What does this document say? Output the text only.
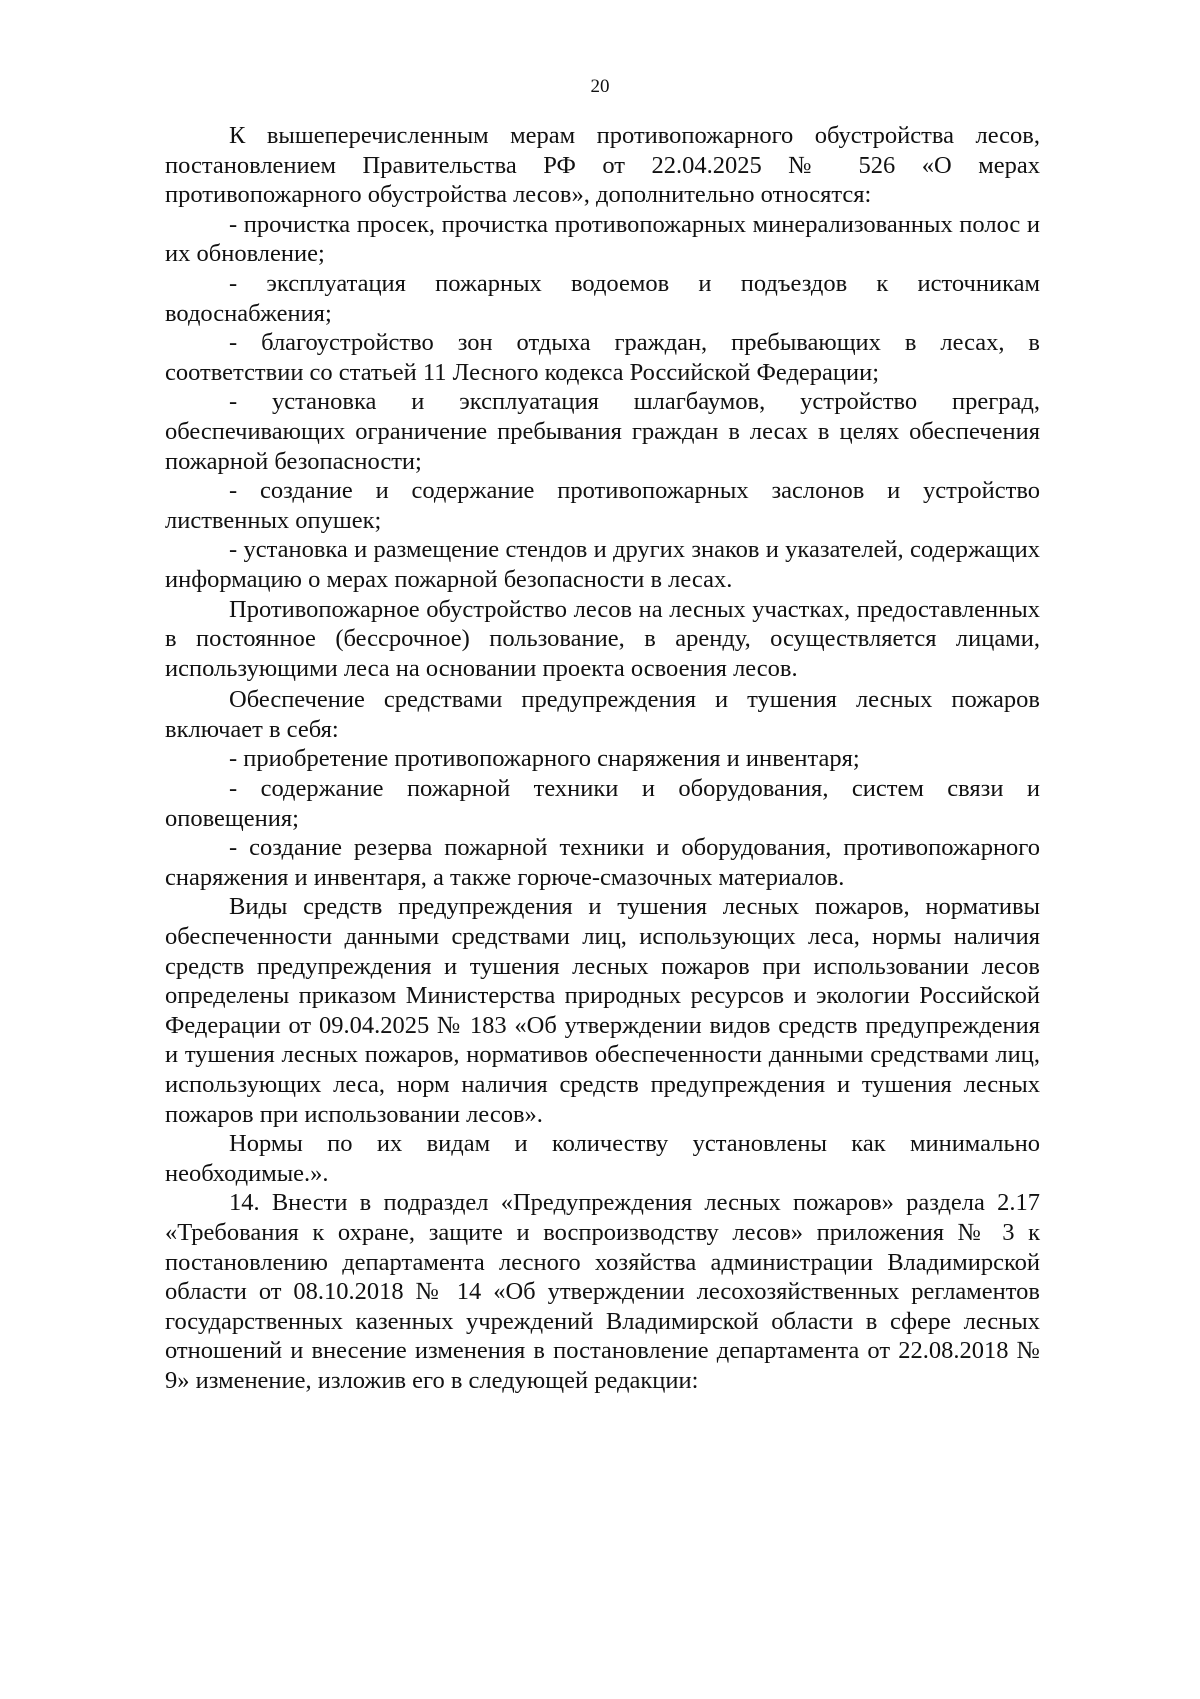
20

К вышеперечисленным мерам противопожарного обустройства лесов, постановлением Правительства РФ от 22.04.2025 № 526 «О мерах противопожарного обустройства лесов», дополнительно относятся:

- прочистка просек, прочистка противопожарных минерализованных полос и их обновление;

- эксплуатация пожарных водоемов и подъездов к источникам водоснабжения;

- благоустройство зон отдыха граждан, пребывающих в лесах, в соответствии со статьей 11 Лесного кодекса Российской Федерации;

- установка и эксплуатация шлагбаумов, устройство преград, обеспечивающих ограничение пребывания граждан в лесах в целях обеспечения пожарной безопасности;

- создание и содержание противопожарных заслонов и устройство лиственных опушек;

- установка и размещение стендов и других знаков и указателей, содержащих информацию о мерах пожарной безопасности в лесах.

Противопожарное обустройство лесов на лесных участках, предоставленных в постоянное (бессрочное) пользование, в аренду, осуществляется лицами, использующими леса на основании проекта освоения лесов.

Обеспечение средствами предупреждения и тушения лесных пожаров включает в себя:

- приобретение противопожарного снаряжения и инвентаря;

- содержание пожарной техники и оборудования, систем связи и оповещения;

- создание резерва пожарной техники и оборудования, противопожарного снаряжения и инвентаря, а также горюче-смазочных материалов.

Виды средств предупреждения и тушения лесных пожаров, нормативы обеспеченности данными средствами лиц, использующих леса, нормы наличия средств предупреждения и тушения лесных пожаров при использовании лесов определены приказом Министерства природных ресурсов и экологии Российской Федерации от 09.04.2025 № 183 «Об утверждении видов средств предупреждения и тушения лесных пожаров, нормативов обеспеченности данными средствами лиц, использующих леса, норм наличия средств предупреждения и тушения лесных пожаров при использовании лесов».

Нормы по их видам и количеству установлены как минимально необходимые.».

14. Внести в подраздел «Предупреждения лесных пожаров» раздела 2.17 «Требования к охране, защите и воспроизводству лесов» приложения № 3 к постановлению департамента лесного хозяйства администрации Владимирской области от 08.10.2018 № 14 «Об утверждении лесохозяйственных регламентов государственных казенных учреждений Владимирской области в сфере лесных отношений и внесение изменения в постановление департамента от 22.08.2018 № 9» изменение, изложив его в следующей редакции:
